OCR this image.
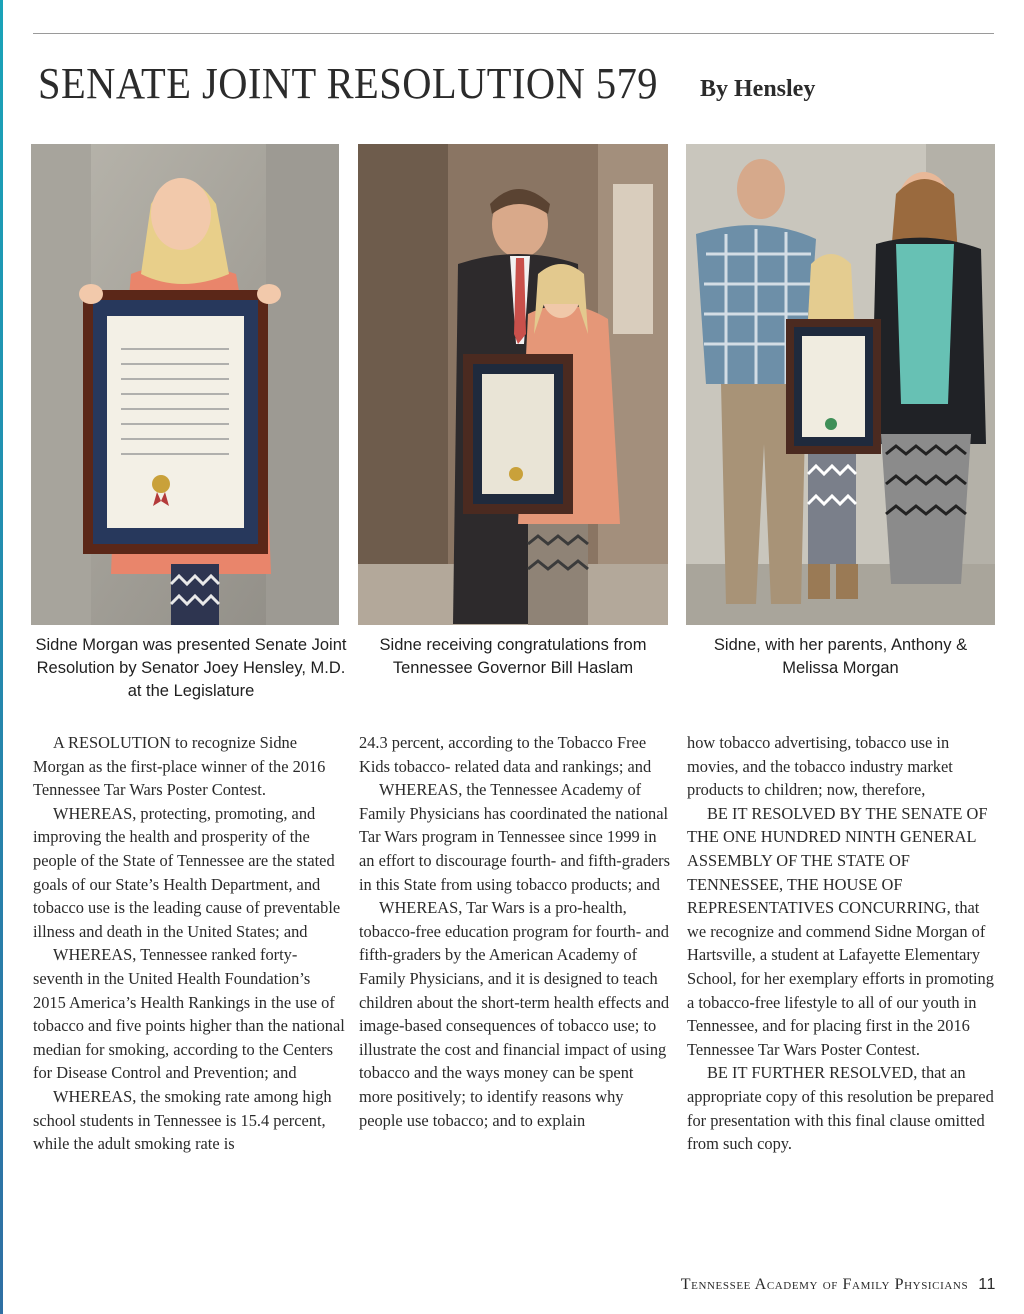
SENATE JOINT RESOLUTION 579	By Hensley
Sidne Morgan was presented Senate Joint Resolution by Senator Joey Hensley, M.D. at the Legislature
Sidne receiving congratulations from Tennessee Governor Bill Haslam
Sidne, with her parents, Anthony & Melissa Morgan

A RESOLUTION to recognize Sidne Morgan as the first-place winner of the 2016 Tennessee Tar Wars Poster Contest.

WHEREAS, protecting, promoting, and improving the health and prosperity of the people of the State of Tennessee are the stated goals of our State’s Health Department, and tobacco use is the leading cause of preventable illness and death in the United States; and

WHEREAS, Tennessee ranked forty-seventh in the United Health Foundation’s 2015 America’s Health Rankings in the use of tobacco and five points higher than the national median for smoking, according to the Centers for Disease Control and Prevention; and

WHEREAS, the smoking rate among high school students in Tennessee is 15.4 percent, while the adult smoking rate is

24.3 percent, according to the Tobacco Free Kids tobacco- related data and rankings; and

WHEREAS, the Tennessee Academy of Family Physicians has coordinated the national Tar Wars program in Tennessee since 1999 in an effort to discourage fourth- and fifth-graders in this State from using tobacco products; and

WHEREAS, Tar Wars is a pro-health, tobacco-free education program for fourth- and fifth-graders by the American Academy of Family Physicians, and it is designed to teach children about the short-term health effects and image-based consequences of tobacco use; to illustrate the cost and financial impact of using tobacco and the ways money can be spent more positively; to identify reasons why people use tobacco; and to explain

how tobacco advertising, tobacco use in movies, and the tobacco industry market products to children; now, therefore,

BE IT RESOLVED BY THE SENATE OF THE ONE HUNDRED NINTH GENERAL ASSEMBLY OF THE STATE OF TENNESSEE, THE HOUSE OF REPRESENTATIVES CONCURRING, that we recognize and commend Sidne Morgan of Hartsville, a student at Lafayette Elementary School, for her exemplary efforts in promoting a tobacco-free lifestyle to all of our youth in Tennessee, and for placing first in the 2016 Tennessee Tar Wars Poster Contest.

BE IT FURTHER RESOLVED, that an appropriate copy of this resolution be prepared for presentation with this final clause omitted from such copy.

Tennessee Academy of Family Physicians 11
